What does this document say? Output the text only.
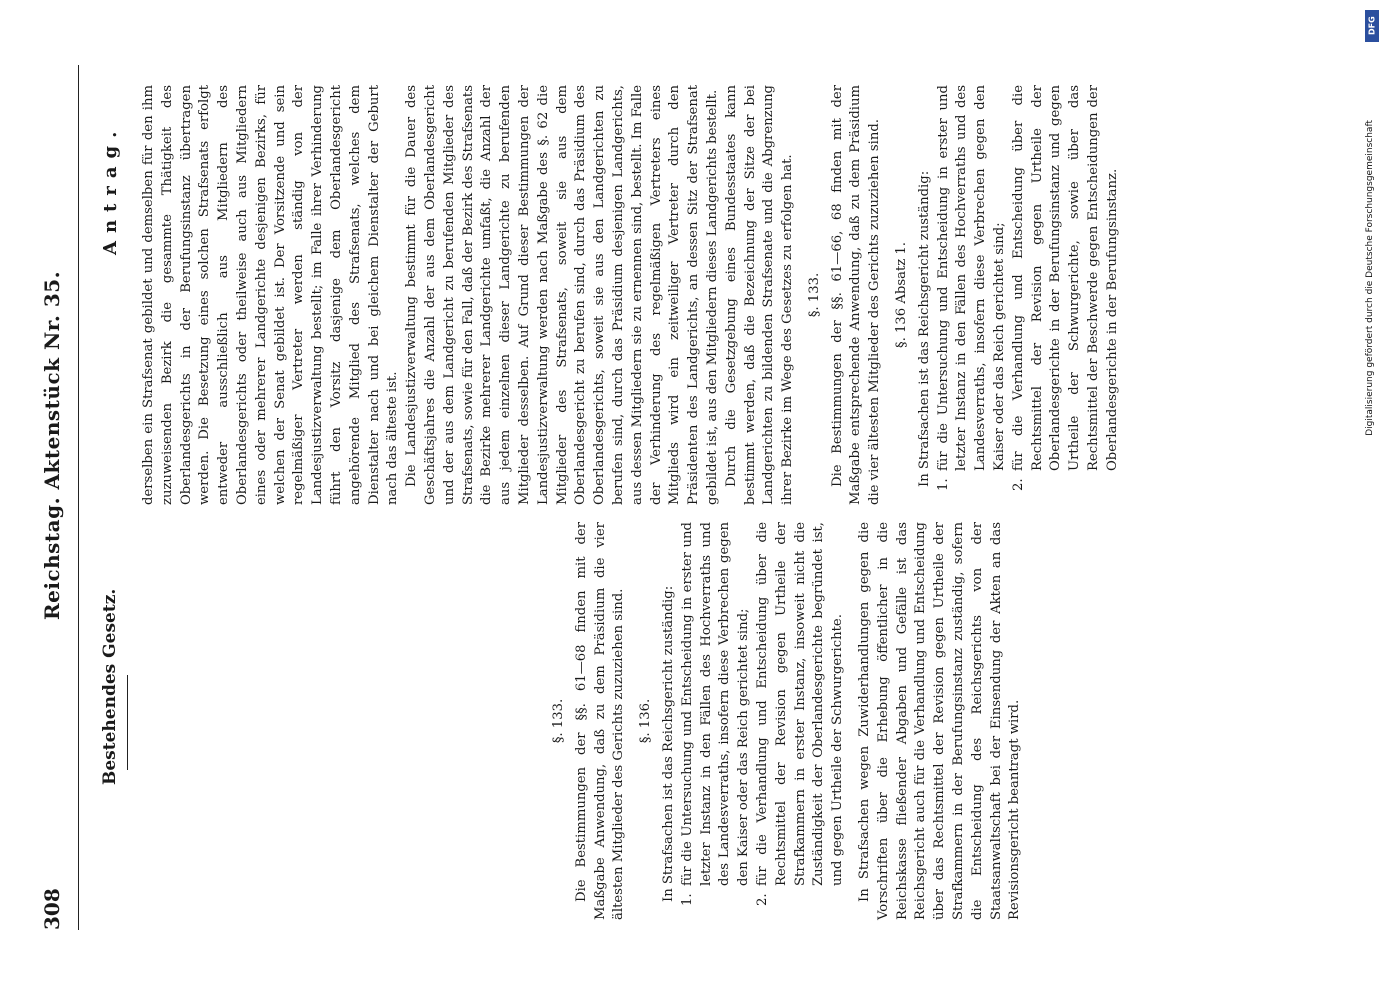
308
Reichstag. Aktenstück Nr. 35.
Bestehendes Gesetz.
Antrag.
§. 133. Die Bestimmungen der §§. 61—68 finden mit der Maßgabe Anwendung, daß zu dem Präsidium die vier ältesten Mitglieder des Gerichts zuzuziehen sind. §. 136. In Strafsachen ist das Reichsgericht zuständig: 1.
für die Untersuchung und Entscheidung in erster und letzter Instanz in den Fällen des Hochverraths und des Landesverraths, insofern diese Verbrechen gegen den Kaiser oder das Reich gerichtet sind;
2.
für die Verhandlung und Entscheidung über die Rechtsmittel der Revision gegen Urtheile der Strafkammern in erster Instanz, insoweit nicht die Zuständigkeit der Oberlandesgerichte begründet ist, und gegen Urtheile der Schwurgerichte. In Strafsachen wegen Zuwiderhandlungen gegen die Vorschriften über die Erhebung öffentlicher in die Reichskasse fließender Abgaben und Gefälle ist das Reichsgericht auch für die Verhandlung und Entscheidung über das Rechtsmittel der Revision gegen Urtheile der Strafkammern in der Berufungsinstanz zuständig, sofern die Entscheidung des Reichsgerichts von der Staatsanwaltschaft bei der Einsendung der Akten an das Revisionsgericht beantragt wird.

derselben ein Strafsenat gebildet und demselben für den ihm zuzuweisenden Bezirk die gesammte Thätigkeit des Oberlandesgerichts in der Berufungsinstanz übertragen werden. Die Besetzung eines solchen Strafsenats erfolgt entweder ausschließlich aus Mitgliedern des Oberlandesgerichts oder theilweise auch aus Mitgliedern eines oder mehrerer Landgerichte desjenigen Bezirks, für welchen der Senat gebildet ist. Der Vorsitzende und sein regelmäßiger Vertreter werden ständig von der Landesjustizverwaltung bestellt; im Falle ihrer Verhinderung führt den Vorsitz dasjenige dem Oberlandesgericht angehörende Mitglied des Strafsenats, welches dem Dienstalter nach und bei gleichem Dienstalter der Geburt nach das älteste ist. Die Landesjustizverwaltung bestimmt für die Dauer des Geschäftsjahres die Anzahl der aus dem Oberlandesgericht und der aus dem Landgericht zu berufenden Mitglieder des Strafsenats, sowie für den Fall, daß der Bezirk des Strafsenats die Bezirke mehrerer Landgerichte umfaßt, die Anzahl der aus jedem einzelnen dieser Landgerichte zu berufenden Mitglieder desselben. Auf Grund dieser Bestimmungen der Landesjustizverwaltung werden nach Maßgabe des §. 62 die Mitglieder des Strafsenats, soweit sie aus dem Oberlandesgericht zu berufen sind, durch das Präsidium des Oberlandesgerichts, soweit sie aus den Landgerichten zu berufen sind, durch das Präsidium desjenigen Landgerichts, aus dessen Mitgliedern sie zu ernennen sind, bestellt. Im Falle der Verhinderung des regelmäßigen Vertreters eines Mitglieds wird ein zeitweiliger Vertreter durch den Präsidenten des Landgerichts, an dessen Sitz der Strafsenat gebildet ist, aus den Mitgliedern dieses Landgerichts bestellt. Durch die Gesetzgebung eines Bundesstaates kann bestimmt werden, daß die Bezeichnung der Sitze der bei Landgerichten zu bildenden Strafsenate und die Abgrenzung ihrer Bezirke im Wege des Gesetzes zu erfolgen hat. §. 133. Die Bestimmungen der §§. 61—66, 68 finden mit der Maßgabe entsprechende Anwendung, daß zu dem Präsidium die vier ältesten Mitglieder des Gerichts zuzuziehen sind. §. 136 Absatz 1. In Strafsachen ist das Reichsgericht zuständig: 1.
für die Untersuchung und Entscheidung in erster und letzter Instanz in den Fällen des Hochverraths und des Landesverraths, insofern diese Verbrechen gegen den Kaiser oder das Reich gerichtet sind;
2.
für die Verhandlung und Entscheidung über die Rechtsmittel der Revision gegen Urtheile der Oberlandesgerichte in der Berufungsinstanz und gegen Urtheile der Schwurgerichte, sowie über das Rechtsmittel der Beschwerde gegen Entscheidungen der Oberlandesgerichte in der Berufungsinstanz.
DFG
Digitalisierung gefördert durch die Deutsche Forschungsgemeinschaft
